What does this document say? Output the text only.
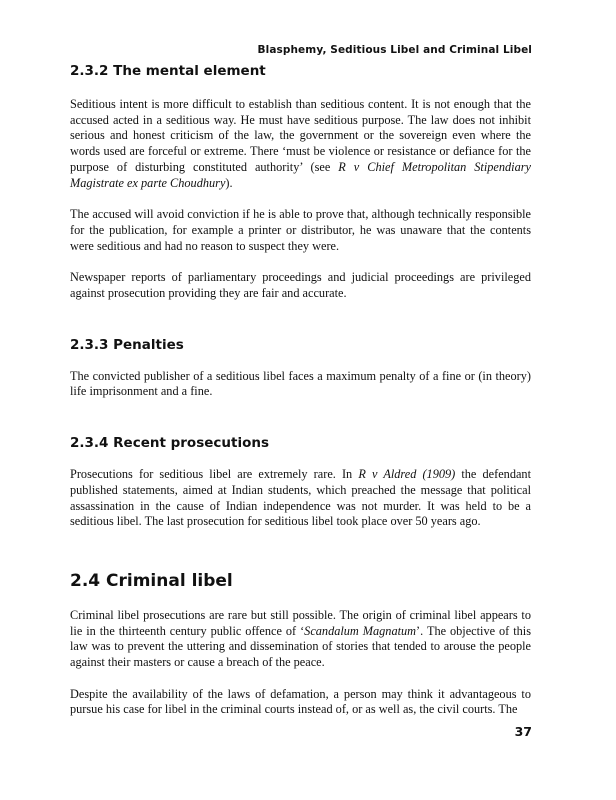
Blasphemy, Seditious Libel and Criminal Libel
2.3.2 The mental element

Seditious intent is more difficult to establish than seditious content. It is not enough that the accused acted in a seditious way. He must have seditious purpose. The law does not inhibit serious and honest criticism of the law, the government or the sovereign even where the words used are forceful or extreme. There ‘must be violence or resistance or defiance for the purpose of disturbing constituted authority’ (see R v Chief Metropolitan Stipendiary Magistrate ex parte Choudhury).

The accused will avoid conviction if he is able to prove that, although technically responsible for the publication, for example a printer or distributor, he was unaware that the contents were seditious and had no reason to suspect they were.

Newspaper reports of parliamentary proceedings and judicial proceedings are privileged against prosecution providing they are fair and accurate.

2.3.3 Penalties

The convicted publisher of a seditious libel faces a maximum penalty of a fine or (in theory) life imprisonment and a fine.

2.3.4 Recent prosecutions

Prosecutions for seditious libel are extremely rare. In R v Aldred (1909) the defendant published statements, aimed at Indian students, which preached the message that political assassination in the cause of Indian independence was not murder. It was held to be a seditious libel. The last prosecution for seditious libel took place over 50 years ago.

2.4 Criminal libel

Criminal libel prosecutions are rare but still possible. The origin of criminal libel appears to lie in the thirteenth century public offence of ‘Scandalum Magnatum’. The objective of this law was to prevent the uttering and dissemination of stories that tended to arouse the people against their masters or cause a breach of the peace.

Despite the availability of the laws of defamation, a person may think it advantageous to pursue his case for libel in the criminal courts instead of, or as well as, the civil courts. The

37
